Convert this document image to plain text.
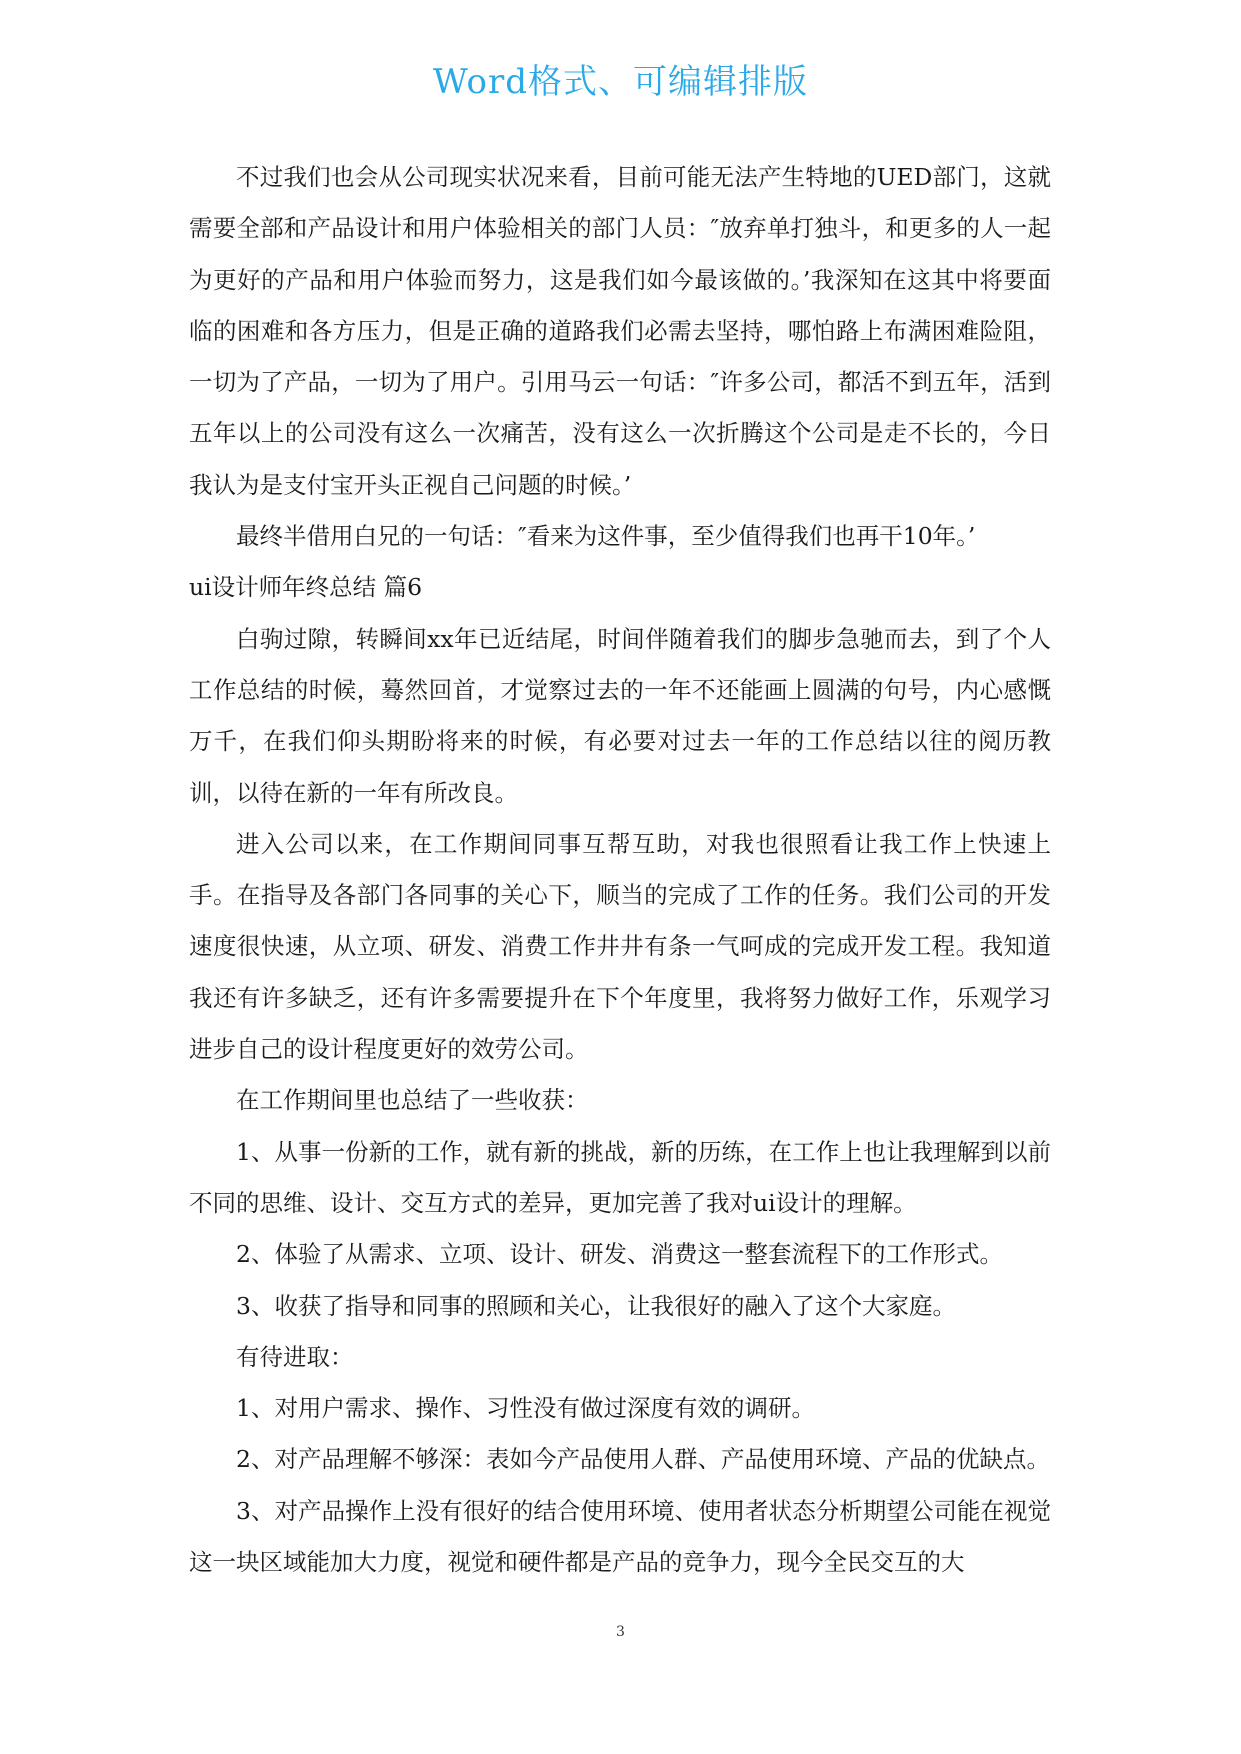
Word格式、可编辑排版

不过我们也会从公司现实状况来看，目前可能无法产生特地的UED部门，这就需要全部和产品设计和用户体验相关的部门人员：″放弃单打独斗，和更多的人一起为更好的产品和用户体验而努力，这是我们如今最该做的。’我深知在这其中将要面临的困难和各方压力，但是正确的道路我们必需去坚持，哪怕路上布满困难险阻，一切为了产品，一切为了用户。引用马云一句话：″许多公司，都活不到五年，活到五年以上的公司没有这么一次痛苦，没有这么一次折腾这个公司是走不长的，今日我认为是支付宝开头正视自己问题的时候。’

最终半借用白兄的一句话：″看来为这件事，至少值得我们也再干10年。’

ui设计师年终总结 篇6

白驹过隙，转瞬间xx年已近结尾，时间伴随着我们的脚步急驰而去，到了个人工作总结的时候，蓦然回首，才觉察过去的一年不还能画上圆满的句号，内心感慨万千，在我们仰头期盼将来的时候，有必要对过去一年的工作总结以往的阅历教训，以待在新的一年有所改良。

进入公司以来，在工作期间同事互帮互助，对我也很照看让我工作上快速上手。在指导及各部门各同事的关心下，顺当的完成了工作的任务。我们公司的开发速度很快速，从立项、研发、消费工作井井有条一气呵成的完成开发工程。我知道我还有许多缺乏，还有许多需要提升在下个年度里，我将努力做好工作，乐观学习进步自己的设计程度更好的效劳公司。

在工作期间里也总结了一些收获：

1、从事一份新的工作，就有新的挑战，新的历练，在工作上也让我理解到以前不同的思维、设计、交互方式的差异，更加完善了我对ui设计的理解。

2、体验了从需求、立项、设计、研发、消费这一整套流程下的工作形式。

3、收获了指导和同事的照顾和关心，让我很好的融入了这个大家庭。

有待进取：

1、对用户需求、操作、习性没有做过深度有效的调研。

2、对产品理解不够深：表如今产品使用人群、产品使用环境、产品的优缺点。

3、对产品操作上没有很好的结合使用环境、使用者状态分析期望公司能在视觉这一块区域能加大力度，视觉和硬件都是产品的竞争力，现今全民交互的大

3
